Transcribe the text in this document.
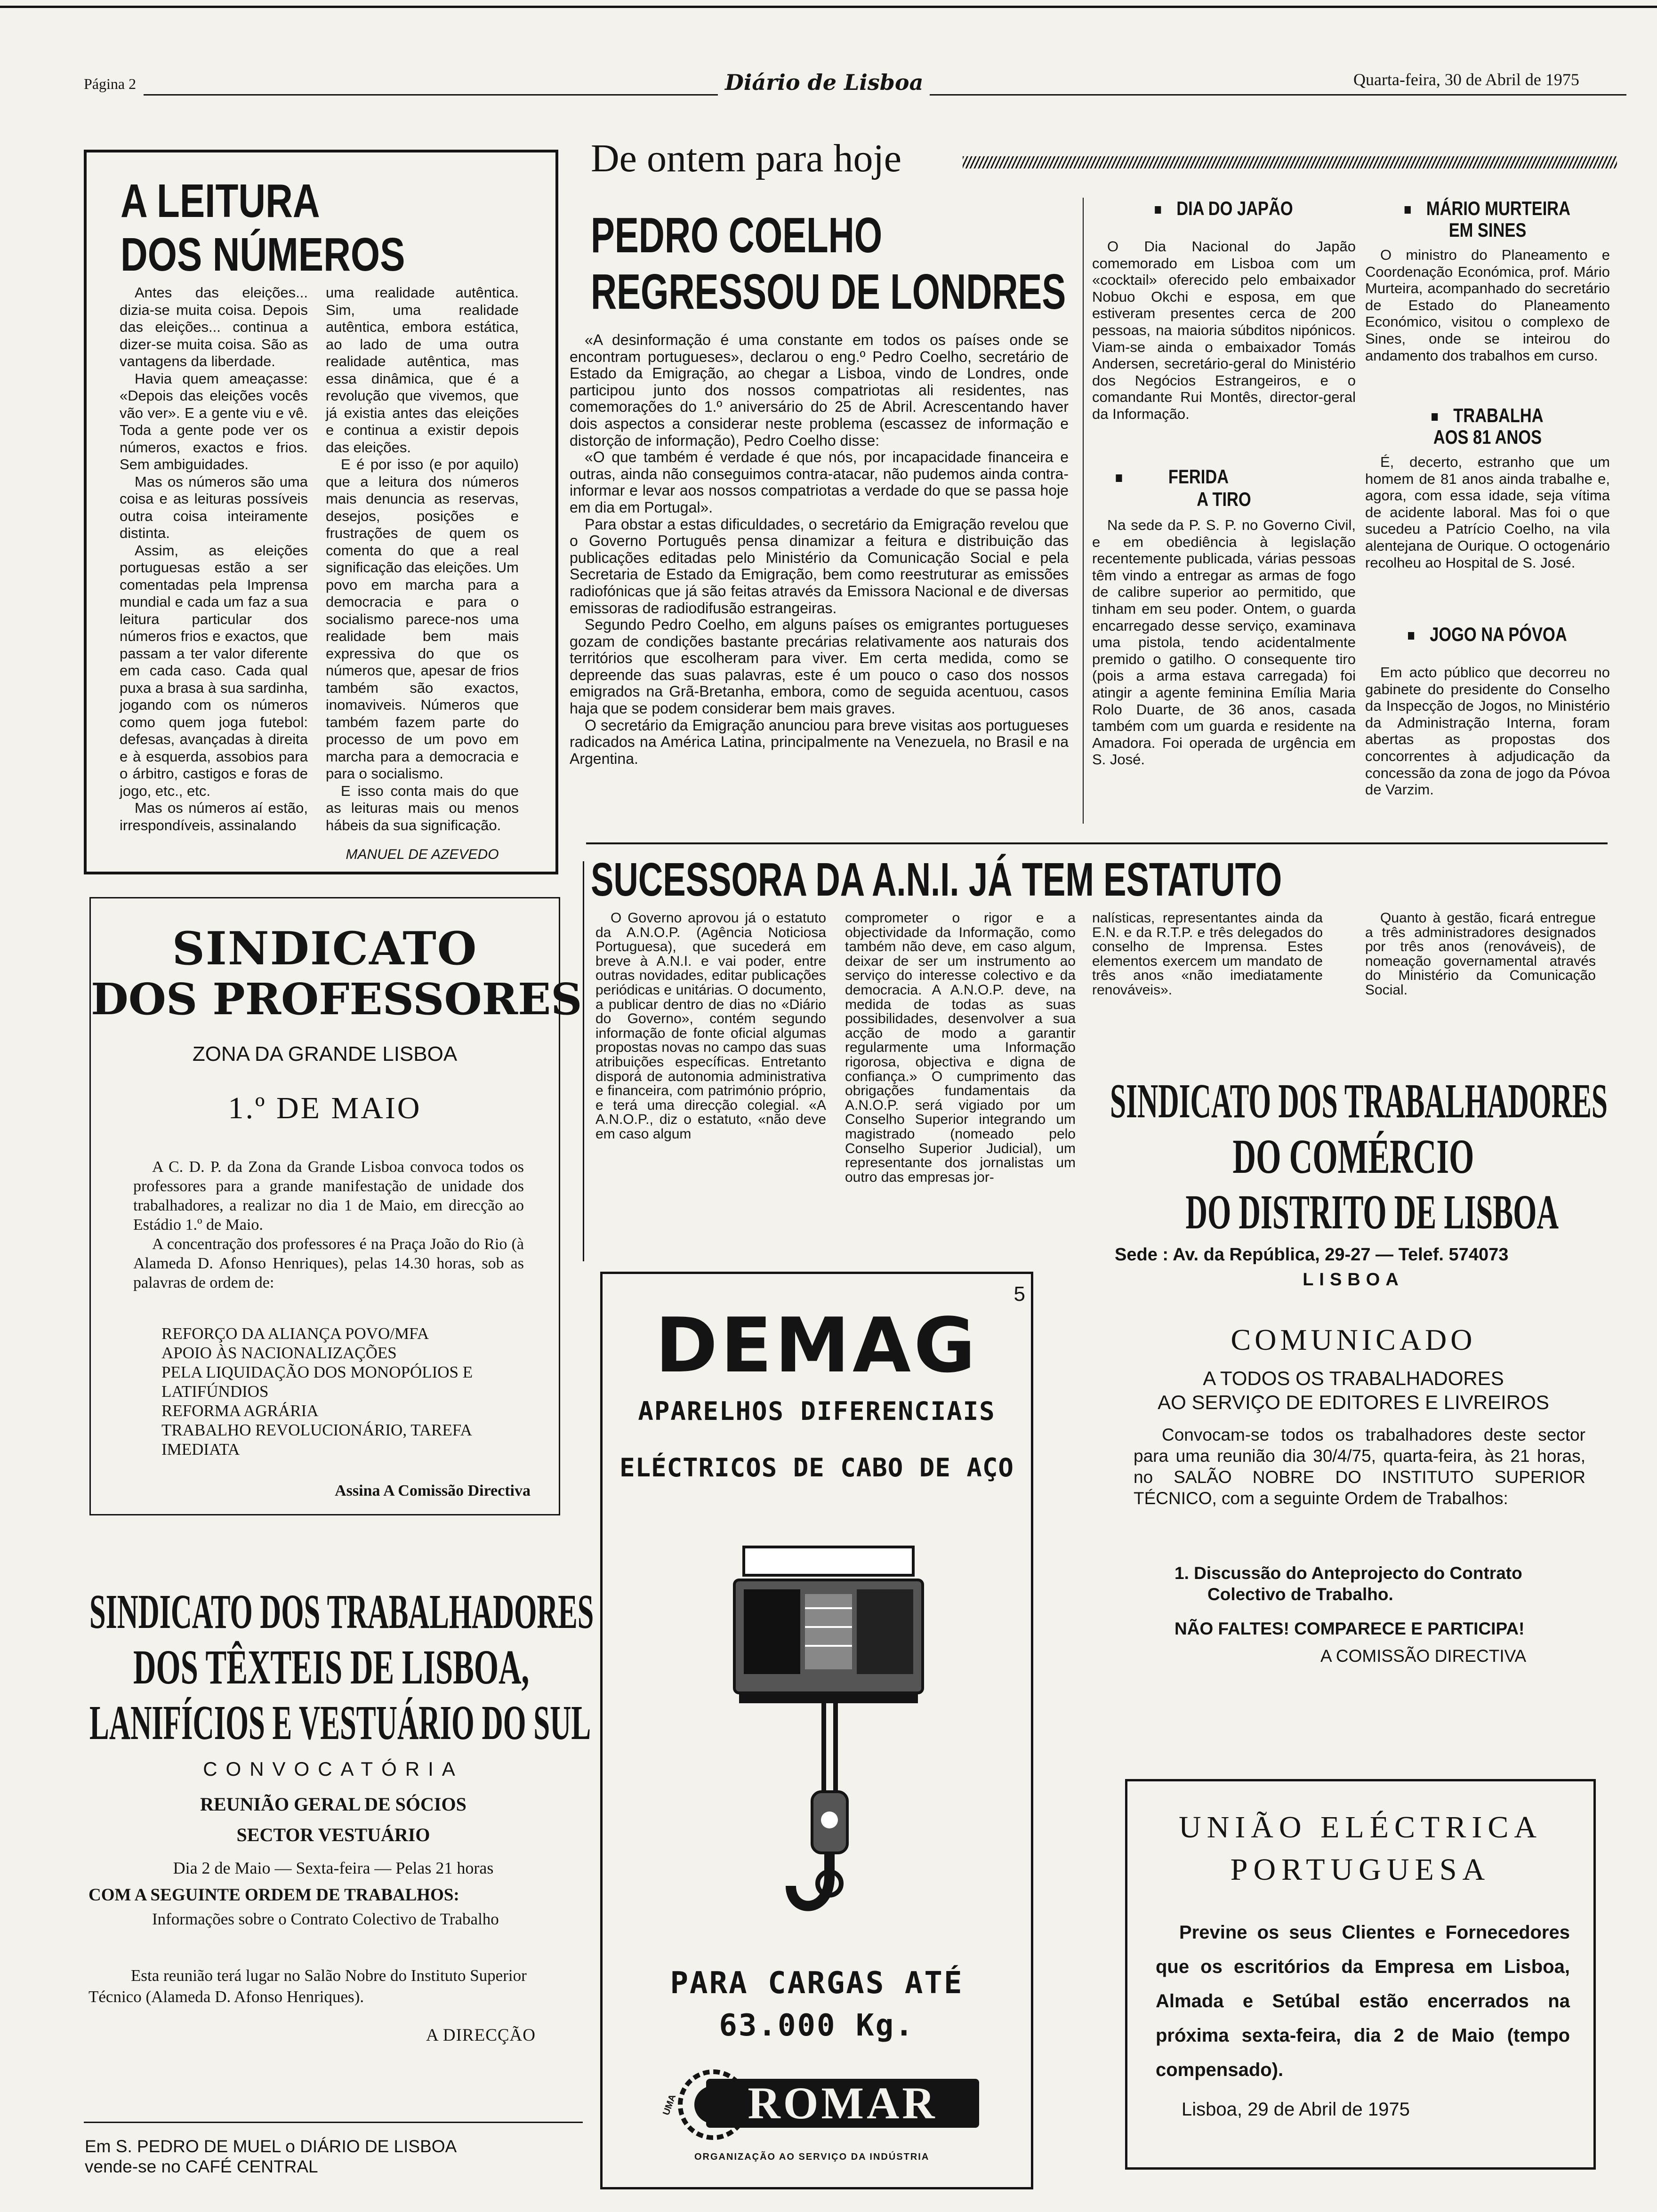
Página 2	Diário de Lisboa	Quarta-feira, 30 de Abril de 1975
A LEITURA
DOS NÚMEROS

Antes das eleições... dizia-se muita coisa. Depois das eleições... continua a dizer-se muita coisa. São as vantagens da liberdade.

Havia quem ameaçasse: «Depois das eleições vocês vão ver». E a gente viu e vê. Toda a gente pode ver os números, exactos e frios. Sem ambiguidades.

Mas os números são uma coisa e as leituras possíveis outra coisa inteiramente distinta.

Assim, as eleições portuguesas estão a ser comentadas pela Imprensa mundial e cada um faz a sua leitura particular dos números frios e exactos, que passam a ter valor diferente em cada caso. Cada qual puxa a brasa à sua sardinha, jogando com os números como quem joga futebol: defesas, avançadas à direita e à esquerda, assobios para o árbitro, castigos e foras de jogo, etc., etc.

Mas os números aí estão, irrespondíveis, assinalando

uma realidade autêntica. Sim, uma realidade autêntica, embora estática, ao lado de uma outra realidade autêntica, mas essa dinâmica, que é a revolução que vivemos, que já existia antes das eleições e continua a existir depois das eleições.

E é por isso (e por aquilo) que a leitura dos números mais denuncia as reservas, desejos, posições e frustrações de quem os comenta do que a real significação das eleições. Um povo em marcha para a democracia e para o socialismo parece-nos uma realidade bem mais expressiva do que os números que, apesar de frios também são exactos, inomaviveis. Números que também fazem parte do processo de um povo em marcha para a democracia e para o socialismo.

E isso conta mais do que as leituras mais ou menos hábeis da sua significação.

MANUEL DE AZEVEDO
De ontem para hoje
PEDRO COELHO
REGRESSOU DE LONDRES

«A desinformação é uma constante em todos os países onde se encontram portugueses», declarou o eng.º Pedro Coelho, secretário de Estado da Emigração, ao chegar a Lisboa, vindo de Londres, onde participou junto dos nossos compatriotas ali residentes, nas comemorações do 1.º aniversário do 25 de Abril. Acrescentando haver dois aspectos a considerar neste problema (escassez de informação e distorção de informação), Pedro Coelho disse:

«O que também é verdade é que nós, por incapacidade financeira e outras, ainda não conseguimos contra-atacar, não pudemos ainda contra-informar e levar aos nossos compatriotas a verdade do que se passa hoje em dia em Portugal».

Para obstar a estas dificuldades, o secretário da Emigração revelou que o Governo Português pensa dinamizar a feitura e distribuição das publicações editadas pelo Ministério da Comunicação Social e pela Secretaria de Estado da Emigração, bem como reestruturar as emissões radiofónicas que já são feitas através da Emissora Nacional e de diversas emissoras de radiodifusão estrangeiras.

Segundo Pedro Coelho, em alguns países os emigrantes portugueses gozam de condições bastante precárias relativamente aos naturais dos territórios que escolheram para viver. Em certa medida, como se depreende das suas palavras, este é um pouco o caso dos nossos emigrados na Grã-Bretanha, embora, como de seguida acentuou, casos haja que se podem considerar bem mais graves.

O secretário da Emigração anunciou para breve visitas aos portugueses radicados na América Latina, principalmente na Venezuela, no Brasil e na Argentina.

DIA DO JAPÃO

O Dia Nacional do Japão comemorado em Lisboa com um «cocktail» oferecido pelo embaixador Nobuo Okchi e esposa, em que estiveram presentes cerca de 200 pessoas, na maioria súbditos nipónicos. Viam-se ainda o embaixador Tomás Andersen, secretário-geral do Ministério dos Negócios Estrangeiros, e o comandante Rui Montês, director-geral da Informação.

FERIDA
A TIRO

Na sede da P. S. P. no Governo Civil, e em obediência à legislação recentemente publicada, várias pessoas têm vindo a entregar as armas de fogo de calibre superior ao permitido, que tinham em seu poder. Ontem, o guarda encarregado desse serviço, examinava uma pistola, tendo acidentalmente premido o gatilho. O consequente tiro (pois a arma estava carregada) foi atingir a agente feminina Emília Maria Rolo Duarte, de 36 anos, casada também com um guarda e residente na Amadora. Foi operada de urgência em S. José.

MÁRIO MURTEIRA
EM SINES

O ministro do Planeamento e Coordenação Económica, prof. Mário Murteira, acompanhado do secretário de Estado do Planeamento Económico, visitou o complexo de Sines, onde se inteirou do andamento dos trabalhos em curso.

TRABALHA
AOS 81 ANOS

É, decerto, estranho que um homem de 81 anos ainda trabalhe e, agora, com essa idade, seja vítima de acidente laboral. Mas foi o que sucedeu a Patrício Coelho, na vila alentejana de Ourique. O octogenário recolheu ao Hospital de S. José.

JOGO NA PÓVOA

Em acto público que decorreu no gabinete do presidente do Conselho da Inspecção de Jogos, no Ministério da Administração Interna, foram abertas as propostas dos concorrentes à adjudicação da concessão da zona de jogo da Póvoa de Varzim.

SUCESSORA DA A.N.I. JÁ TEM ESTATUTO

O Governo aprovou já o estatuto da A.N.O.P. (Agência Noticiosa Portuguesa), que sucederá em breve à A.N.I. e vai poder, entre outras novidades, editar publicações periódicas e unitárias. O documento, a publicar dentro de dias no «Diário do Governo», contém segundo informação de fonte oficial algumas propostas novas no campo das suas atribuições específicas. Entretanto disporá de autonomia administrativa e financeira, com património próprio, e terá uma direcção colegial. «A A.N.O.P., diz o estatuto, «não deve em caso algum

comprometer o rigor e a objectividade da Informação, como também não deve, em caso algum, deixar de ser um instrumento ao serviço do interesse colectivo e da democracia. A A.N.O.P. deve, na medida de todas as suas possibilidades, desenvolver a sua acção de modo a garantir regularmente uma Informação rigorosa, objectiva e digna de confiança.» O cumprimento das obrigações fundamentais da A.N.O.P. será vigiado por um Conselho Superior integrando um magistrado (nomeado pelo Conselho Superior Judicial), um representante dos jornalistas um outro das empresas jor-

nalísticas, representantes ainda da E.N. e da R.T.P. e três delegados do conselho de Imprensa. Estes elementos exercem um mandato de três anos «não imediatamente renováveis».

Quanto à gestão, ficará entregue a três administradores designados por três anos (renováveis), de nomeação governamental através do Ministério da Comunicação Social.

SINDICATO
DOS PROFESSORES
ZONA DA GRANDE LISBOA
1.º DE MAIO

A C. D. P. da Zona da Grande Lisboa convoca todos os professores para a grande manifestação de unidade dos trabalhadores, a realizar no dia 1 de Maio, em direcção ao Estádio 1.º de Maio.

A concentração dos professores é na Praça João do Rio (à Alameda D. Afonso Henriques), pelas 14.30 horas, sob as palavras de ordem de:

REFORÇO DA ALIANÇA POVO/MFA
APOIO ÀS NACIONALIZAÇÕES
PELA LIQUIDAÇÃO DOS MONOPÓLIOS E LATIFÚNDIOS
REFORMA AGRÁRIA
TRABALHO REVOLUCIONÁRIO, TAREFA IMEDIATA
Assina A Comissão Directiva
SINDICATO DOS TRABALHADORES
DOS TÊXTEIS DE LISBOA,
LANIFÍCIOS E VESTUÁRIO DO SUL
CONVOCATÓRIA
REUNIÃO GERAL DE SÓCIOS
SECTOR VESTUÁRIO
Dia 2 de Maio — Sexta-feira — Pelas 21 horas
COM A SEGUINTE ORDEM DE TRABALHOS:
Informações sobre o Contrato Colectivo de Trabalho
Esta reunião terá lugar no Salão Nobre do Instituto Superior Técnico (Alameda D. Afonso Henriques).
A DIRECÇÃO
Em S. PEDRO DE MUEL o DIÁRIO DE LISBOA
vende-se no CAFÉ CENTRAL
5
DEMAG
APARELHOS DIFERENCIAIS
ELÉCTRICOS DE CABO DE AÇO
PARA CARGAS ATÉ
63.000 Kg.
ROMAR
UMA
ORGANIZAÇÃO AO SERVIÇO DA INDÚSTRIA
SINDICATO DOS TRABALHADORES
DO COMÉRCIO
DO DISTRITO DE LISBOA
Sede : Av. da República, 29-27 — Telef. 574073
LISBOA
COMUNICADO
A TODOS OS TRABALHADORES
AO SERVIÇO DE EDITORES E LIVREIROS
Convocam-se todos os trabalhadores deste sector para uma reunião dia 30/4/75, quarta-feira, às 21 horas, no SALÃO NOBRE DO INSTITUTO SUPERIOR TÉCNICO, com a seguinte Ordem de Trabalhos:
1. Discussão do Anteprojecto do Contrato Colectivo de Trabalho.
NÃO FALTES! COMPARECE E PARTICIPA!
A COMISSÃO DIRECTIVA
UNIÃO ELÉCTRICA
PORTUGUESA
Previne os seus Clientes e Fornecedores que os escritórios da Empresa em Lisboa, Almada e Setúbal estão encerrados na próxima sexta-feira, dia 2 de Maio (tempo compensado).
Lisboa, 29 de Abril de 1975
